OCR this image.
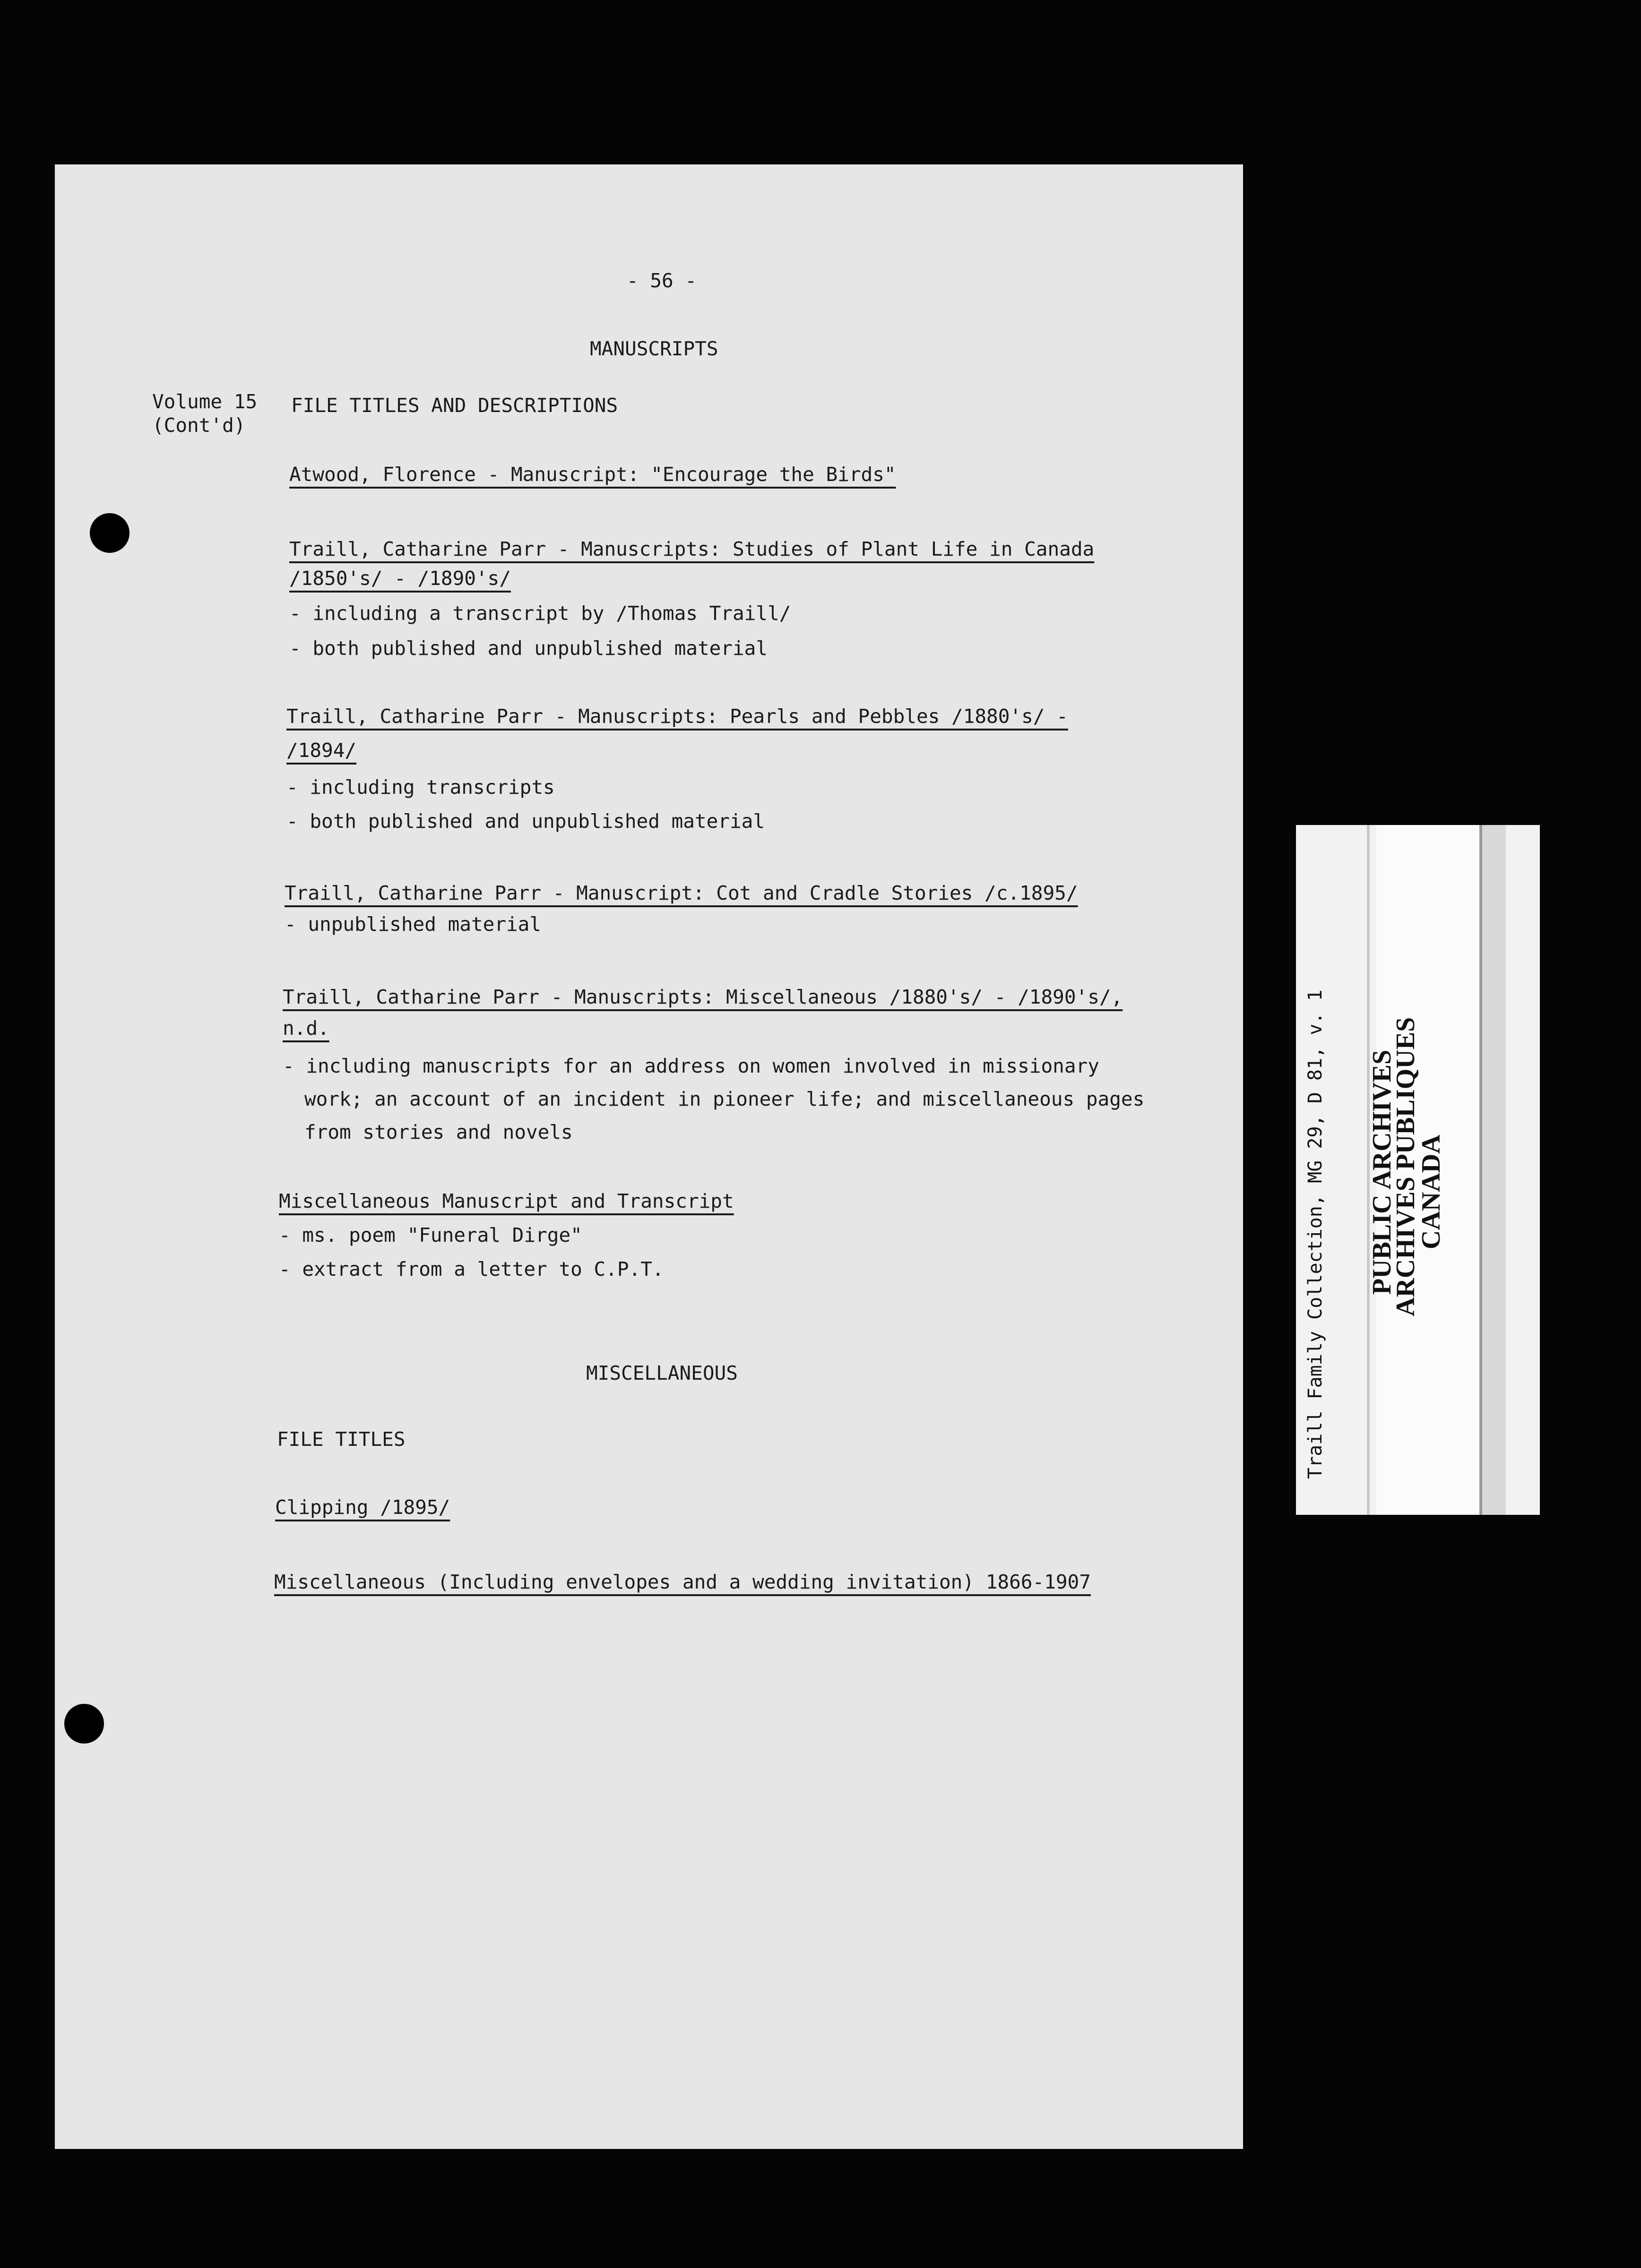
- 56 -
MANUSCRIPTS
Volume 15
(Cont'd)
FILE TITLES AND DESCRIPTIONS
Atwood, Florence - Manuscript: "Encourage the Birds"
Traill, Catharine Parr - Manuscripts: Studies of Plant Life in Canada
/1850's/ - /1890's/
- including a transcript by /Thomas Traill/
- both published and unpublished material
Traill, Catharine Parr - Manuscripts: Pearls and Pebbles /1880's/ -
/1894/
- including transcripts
- both published and unpublished material
Traill, Catharine Parr - Manuscript: Cot and Cradle Stories /c.1895/
- unpublished material
Traill, Catharine Parr - Manuscripts: Miscellaneous /1880's/ - /1890's/,
n.d.
- including manuscripts for an address on women involved in missionary
work; an account of an incident in pioneer life; and miscellaneous pages
from stories and novels
Miscellaneous Manuscript and Transcript
- ms. poem "Funeral Dirge"
- extract from a letter to C.P.T.
MISCELLANEOUS
FILE TITLES
Clipping /1895/
Miscellaneous (Including envelopes and a wedding invitation) 1866-1907
Traill Family Collection, MG 29, D 81, v. 1 PUBLIC ARCHIVES
ARCHIVES PUBLIQUES
CANADA
